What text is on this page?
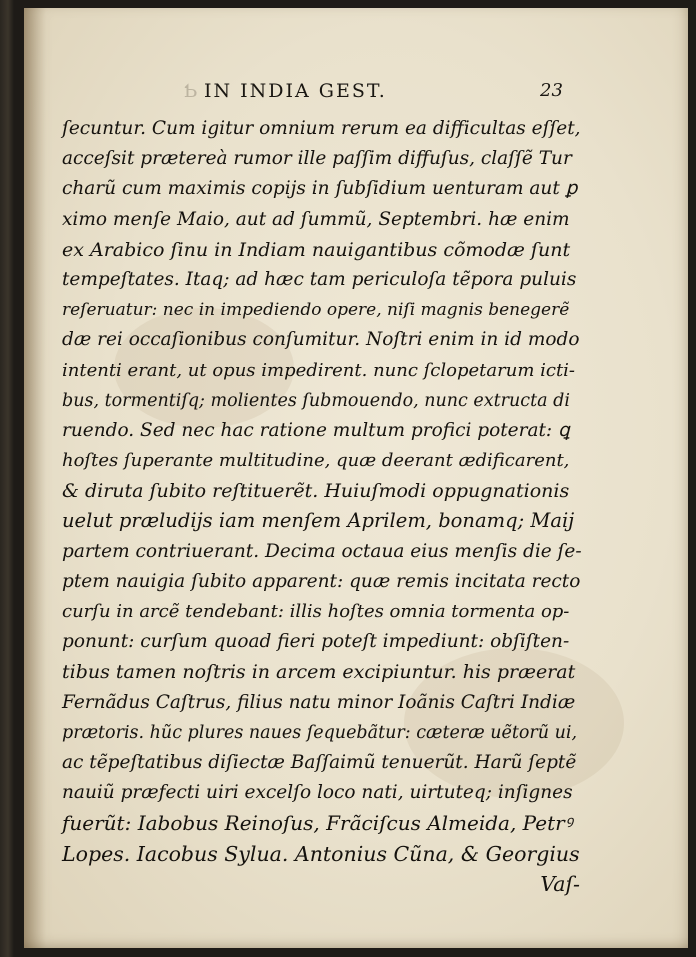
 Ƅ IN INDIA GEST.	23
ſecuntur. Cum igitur omnium rerum ea difficultas eſſet,
acceſsit prætereà rumor ille paſſim diffuſus, claſſẽ Tur
charũ cum maximis copijs in ſubſidium uenturam aut ꝑ
ximo menſe Maio, aut ad ſummũ, Septembri. hæ enim
ex Arabico ſinu in Indiam nauigantibus cõmodæ ſunt
tempeſtates. Itaq; ad hæc tam periculoſa tẽpora puluis
reſeruatur: nec in impediendo opere, niſi magnis benegerẽ
dæ rei occaſionibus conſumitur. Noſtri enim in id modo
intenti erant, ut opus impedirent. nunc ſclopetarum icti-
bus, tormentiſq; molientes ſubmouendo, nunc extructa di
ruendo. Sed nec hac ratione multum profici poterat: ꝗ
hoſtes ſuperante multitudine, quæ deerant ædificarent,
& diruta ſubito reſtituerẽt. Huiuſmodi oppugnationis
uelut præludijs iam menſem Aprilem, bonamq; Maij
partem contriuerant. Decima octaua eius menſis die ſe-
ptem nauigia ſubito apparent: quæ remis incitata recto
curſu in arcẽ tendebant: illis hoſtes omnia tormenta op-
ponunt: curſum quoad fieri poteſt impediunt: obſiſten-
tibus tamen noſtris in arcem excipiuntur. his præerat
Fernãdus Caſtrus, filius natu minor Ioãnis Caſtri Indiæ
prætoris. hũc plures naues ſequebãtur: cæteræ uẽtorũ ui,
ac tẽpeſtatibus diſiectæ Baſſaimũ tenuerũt. Harũ ſeptẽ
nauiũ præfecti uiri excelſo loco nati, uirtuteq; inſignes
fuerũt: Iabobus Reinoſus, Frãciſcus Almeida, Petrꝰ
Lopes. Iacobus Sylua. Antonius Cũna, & Georgius
Vaſ-
